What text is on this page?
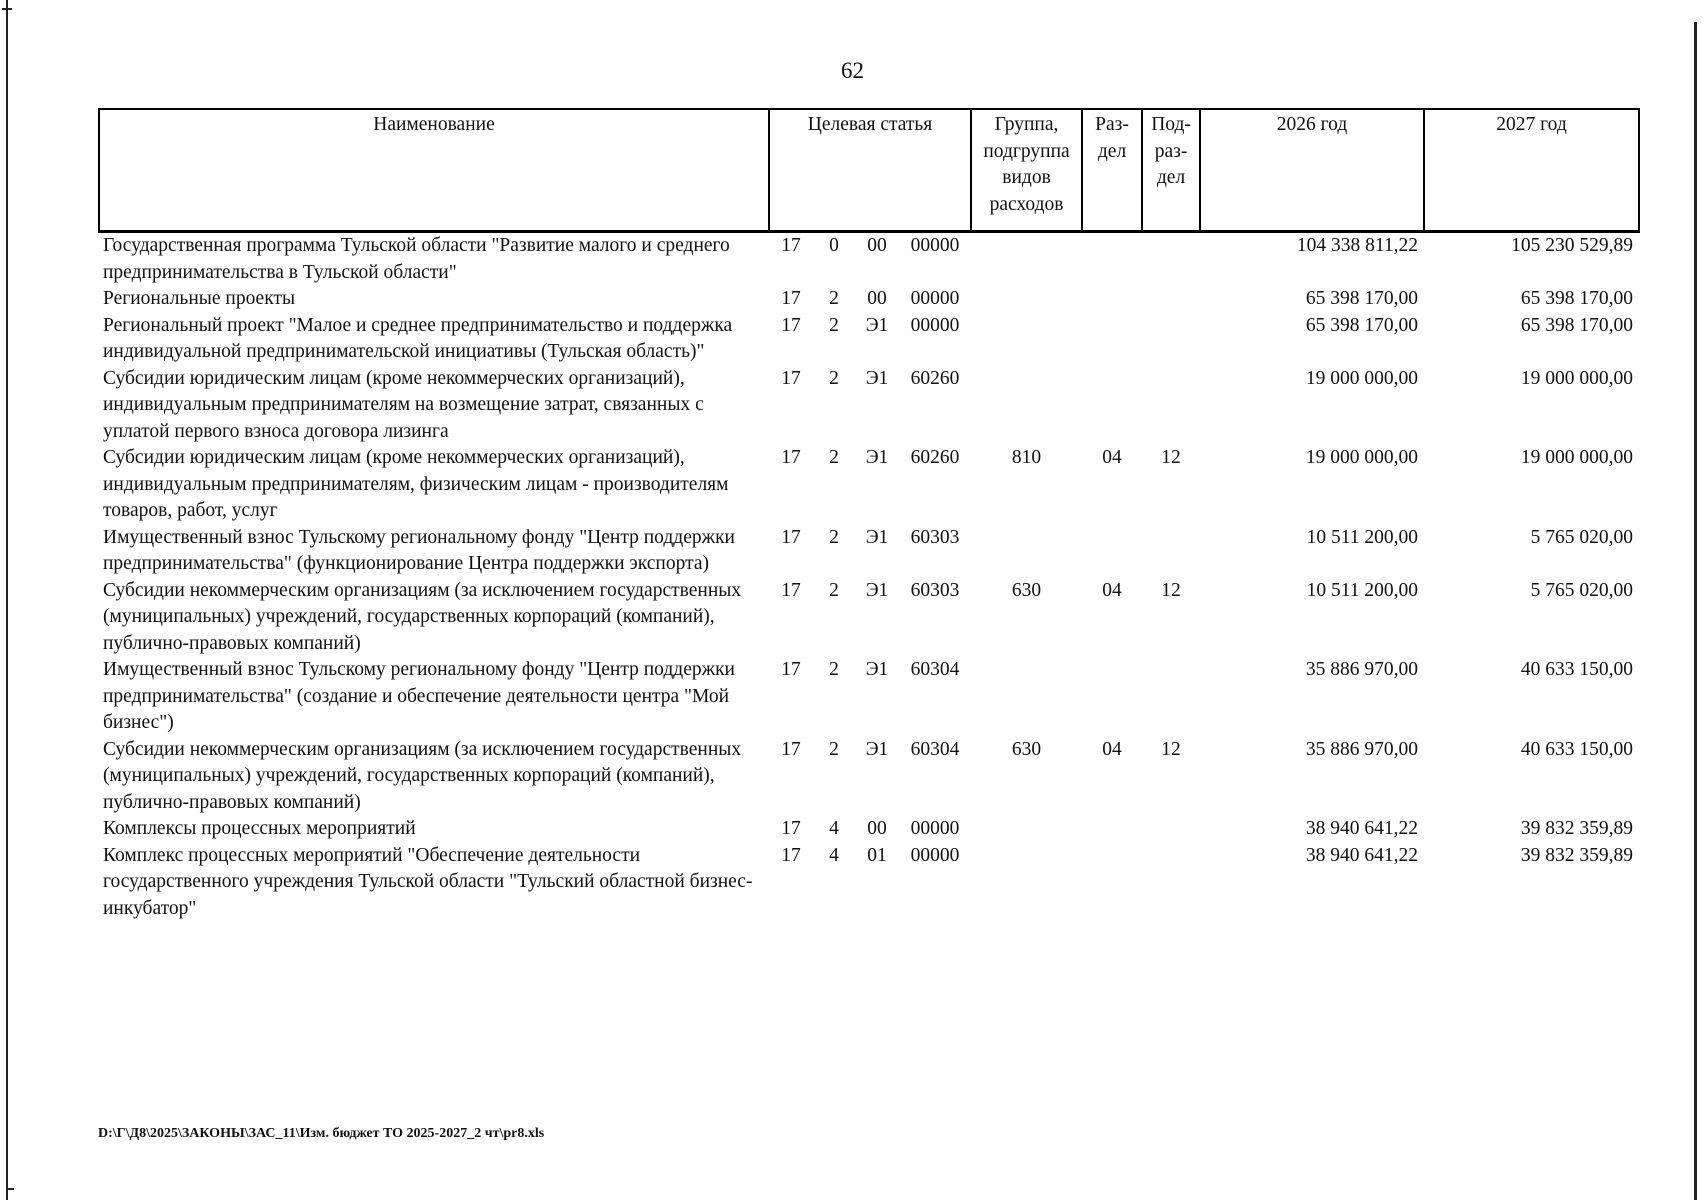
62
Наименование	Целевая статья				Группа, подгруппа видов расходов	Раз-дел	Под-раз-дел	2026 год	2027 год
Государственная программа Тульской области "Развитие малого и среднего предпринимательства в Тульской области"	17	0	00	00000				104 338 811,22	105 230 529,89
Региональные проекты	17	2	00	00000				65 398 170,00	65 398 170,00
Региональный проект "Малое и среднее предпринимательство и поддержка индивидуальной предпринимательской инициативы (Тульская область)"	17	2	Э1	00000				65 398 170,00	65 398 170,00
Субсидии юридическим лицам (кроме некоммерческих организаций), индивидуальным предпринимателям на возмещение затрат, связанных с уплатой первого взноса договора лизинга	17	2	Э1	60260				19 000 000,00	19 000 000,00
Субсидии юридическим лицам (кроме некоммерческих организаций), индивидуальным предпринимателям, физическим лицам - производителям товаров, работ, услуг	17	2	Э1	60260	810	04	12	19 000 000,00	19 000 000,00
Имущественный взнос Тульскому региональному фонду "Центр поддержки предпринимательства" (функционирование Центра поддержки экспорта)	17	2	Э1	60303				10 511 200,00	5 765 020,00
Субсидии некоммерческим организациям (за исключением государственных (муниципальных) учреждений, государственных корпораций (компаний), публично-правовых компаний)	17	2	Э1	60303	630	04	12	10 511 200,00	5 765 020,00
Имущественный взнос Тульскому региональному фонду "Центр поддержки предпринимательства" (создание и обеспечение деятельности центра "Мой бизнес")	17	2	Э1	60304				35 886 970,00	40 633 150,00
Субсидии некоммерческим организациям (за исключением государственных (муниципальных) учреждений, государственных корпораций (компаний), публично-правовых компаний)	17	2	Э1	60304	630	04	12	35 886 970,00	40 633 150,00
Комплексы процессных мероприятий	17	4	00	00000				38 940 641,22	39 832 359,89
Комплекс процессных мероприятий "Обеспечение деятельности государственного учреждения Тульской области "Тульский областной бизнес-инкубатор"	17	4	01	00000				38 940 641,22	39 832 359,89
D:\Г\Д8\2025\ЗАКОНЫ\ЗАС_11\Изм. бюджет ТО 2025-2027_2 чт\pr8.xls
